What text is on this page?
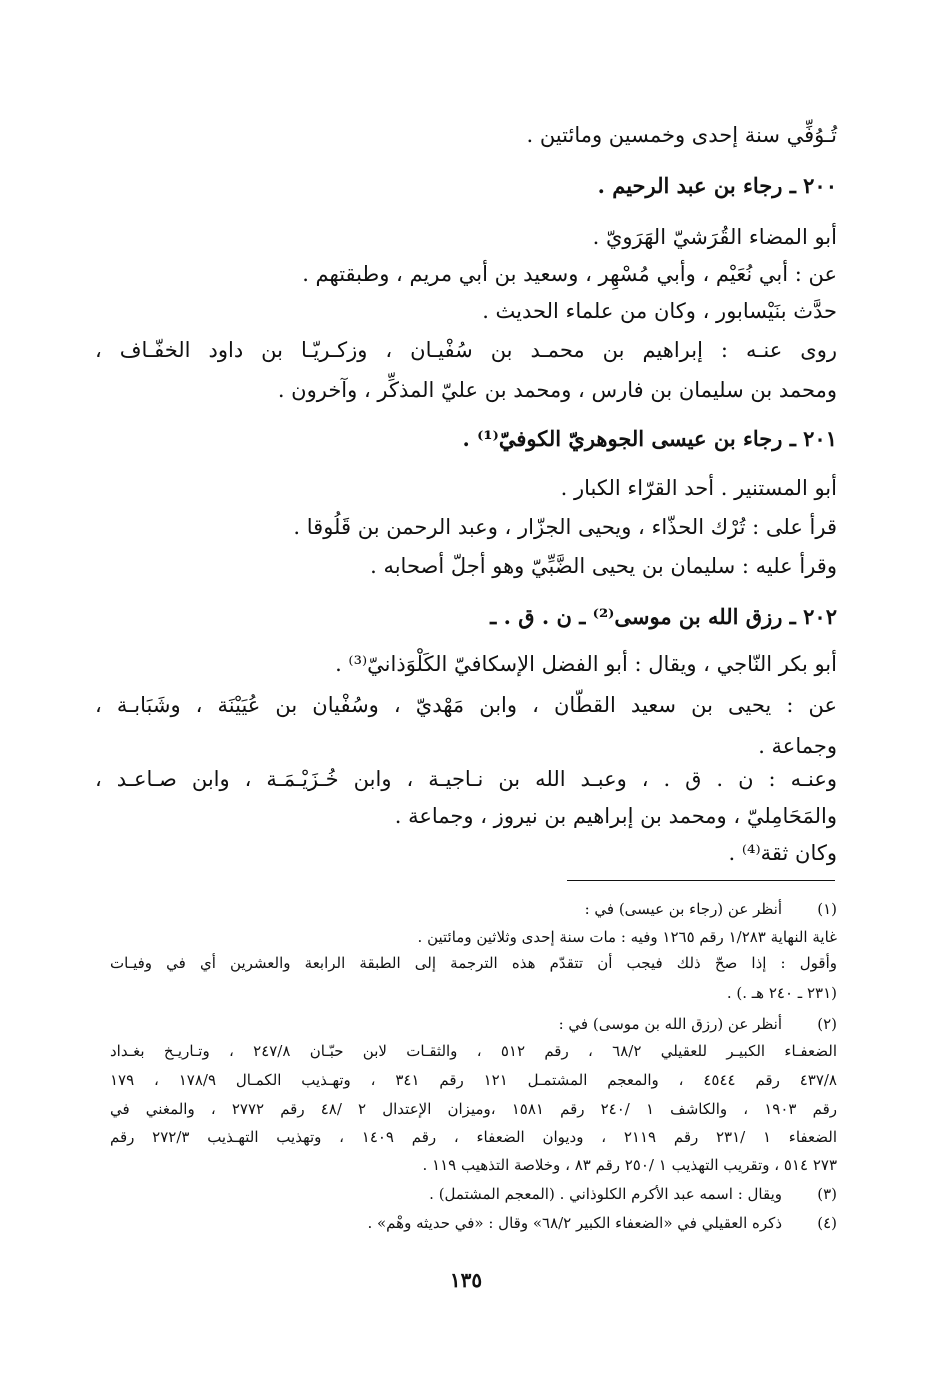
تُـوُفِّي سنة إحدى وخمسين ومائتين .
٢٠٠ ـ رجاء بن عبد الرحيم .
أبو المضاء القُرَشيّ الهَرَويّ .
عن : أبي نُعَيْم ، وأبي مُسْهِر ، وسعيد بن أبي مريم ، وطبقتهم .
حدَّث بنَيْسابور ، وكان من علماء الحديث .
روى عنـه : إبراهيم بن محمـد بن سُفْيـان ، وزكـريّـا بن داود الخفّـاف ،
ومحمد بن سليمان بن فارس ، ومحمد بن عليّ المذكِّر ، وآخرون .
٢٠١ ـ رجاء بن عيسى الجوهريّ الكوفيّ⁽¹⁾ .
أبو المستنير . أحد القرّاء الكبار .
قرأ على : تُرْك الحذّاء ، ويحيى الجزّار ، وعبد الرحمن بن قَلُوقا .
وقرأ عليه : سليمان بن يحيى الضَّبِّيّ وهو أجلّ أصحابه .
٢٠٢ ـ رزق الله بن موسى⁽²⁾ ـ ن . ق . ـ
أبو بكر النّاجي ، ويقال : أبو الفضل الإسكافيّ الكَلْوَذانيّ⁽³⁾ .
عن : يحيى بن سعيد القطّان ، وابن مَهْديّ ، وسُفْيان بن عُيَيْنَة ، وشَبَابـة ،
وجماعة .
وعنـه : ن . ق . ، وعبـد الله بن نـاجيـة ، وابن خُـزَيْـمَـة ، وابن صـاعـد ،
والمَحَامِليّ ، ومحمد بن إبراهيم بن نيروز ، وجماعة .
وكان ثقة⁽⁴⁾ .
(١)
أنظر عن (رجاء بن عيسى) في :
غاية النهاية ١/٢٨٣ رقم ١٢٦٥ وفيه : مات سنة إحدى وثلاثين ومائتين .
وأقول : إذا صحّ ذلك فيجب أن تتقدّم هذه الترجمة إلى الطبقة الرابعة والعشرين أي في وفيـات
(٢٣١ ـ ٢٤٠ هـ .) .
(٢)
أنظر عن (رزق الله بن موسى) في :
الضعفـاء الكبيـر للعقيلي ٦٨/٢ ، رقم ٥١٢ ، والثقـات لابن حبّـان ٢٤٧/٨ ، وتـاريـخ بغـداد
٤٣٧/٨ رقم ٤٥٤٤ ، والمعجم المشتمـل ١٢١ رقم ٣٤١ ، وتهـذيب الكمـال ١٧٨/٩ ، ١٧٩
رقم ١٩٠٣ ، والكاشف ١ /٢٤٠ رقم ١٥٨١ ،وميزان الإعتدال ٢ /٤٨ رقم ٢٧٧٢ ، والمغني في
الضعفاء ١ /٢٣١ رقم ٢١١٩ ، وديوان الضعفاء ، رقم ١٤٠٩ ، وتهذيب التهـذيب ٢٧٢/٣ رقم
٢٧٣ ٥١٤ ، وتقريب التهذيب ١ /٢٥٠ رقم ٨٣ ، وخلاصة التذهيب ١١٩ .
(٣)
ويقال : اسمه عبد الأكرم الكلوذاني . (المعجم المشتمل) .
(٤)
ذكره العقيلي في «الضعفاء الكبير ٦٨/٢» وقال : «في حديثه وهْم» .
١٣٥
